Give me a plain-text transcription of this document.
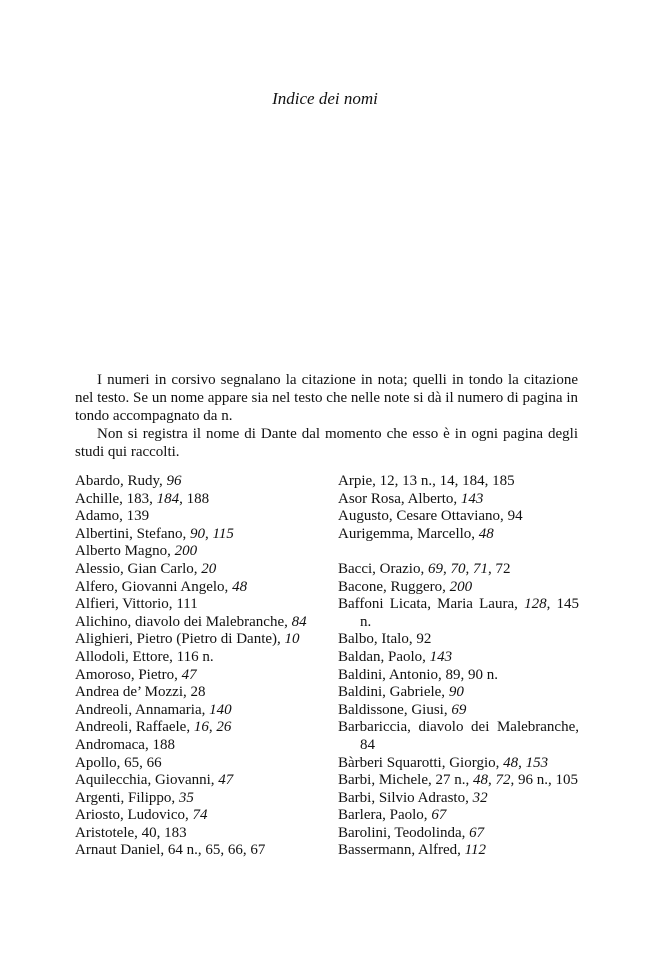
Indice dei nomi

I numeri in corsivo segnalano la citazione in nota; quelli in tondo la citazione nel testo. Se un nome appare sia nel testo che nelle note si dà il numero di pagina in tondo accompagnato da n.

Non si registra il nome di Dante dal momento che esso è in ogni pagina degli studi qui raccolti.

Abardo, Rudy, 96
Achille, 183, 184, 188
Adamo, 139
Albertini, Stefano, 90, 115
Alberto Magno, 200
Alessio, Gian Carlo, 20
Alfero, Giovanni Angelo, 48
Alfieri, Vittorio, 111
Alichino, diavolo dei Malebranche, 84
Alighieri, Pietro (Pietro di Dante), 10
Allodoli, Ettore, 116 n.
Amoroso, Pietro, 47
Andrea de’ Mozzi, 28
Andreoli, Annamaria, 140
Andreoli, Raffaele, 16, 26
Andromaca, 188
Apollo, 65, 66
Aquilecchia, Giovanni, 47
Argenti, Filippo, 35
Ariosto, Ludovico, 74
Aristotele, 40, 183
Arnaut Daniel, 64 n., 65, 66, 67
Arpie, 12, 13 n., 14, 184, 185
Asor Rosa, Alberto, 143
Augusto, Cesare Ottaviano, 94
Aurigemma, Marcello, 48
Bacci, Orazio, 69, 70, 71, 72
Bacone, Ruggero, 200
Baffoni Licata, Maria Laura, 128, 145 n.
Balbo, Italo, 92
Baldan, Paolo, 143
Baldini, Antonio, 89, 90 n.
Baldini, Gabriele, 90
Baldissone, Giusi, 69
Barbariccia, diavolo dei Malebranche, 84
Bàrberi Squarotti, Giorgio, 48, 153
Barbi, Michele, 27 n., 48, 72, 96 n., 105
Barbi, Silvio Adrasto, 32
Barlera, Paolo, 67
Barolini, Teodolinda, 67
Bassermann, Alfred, 112
